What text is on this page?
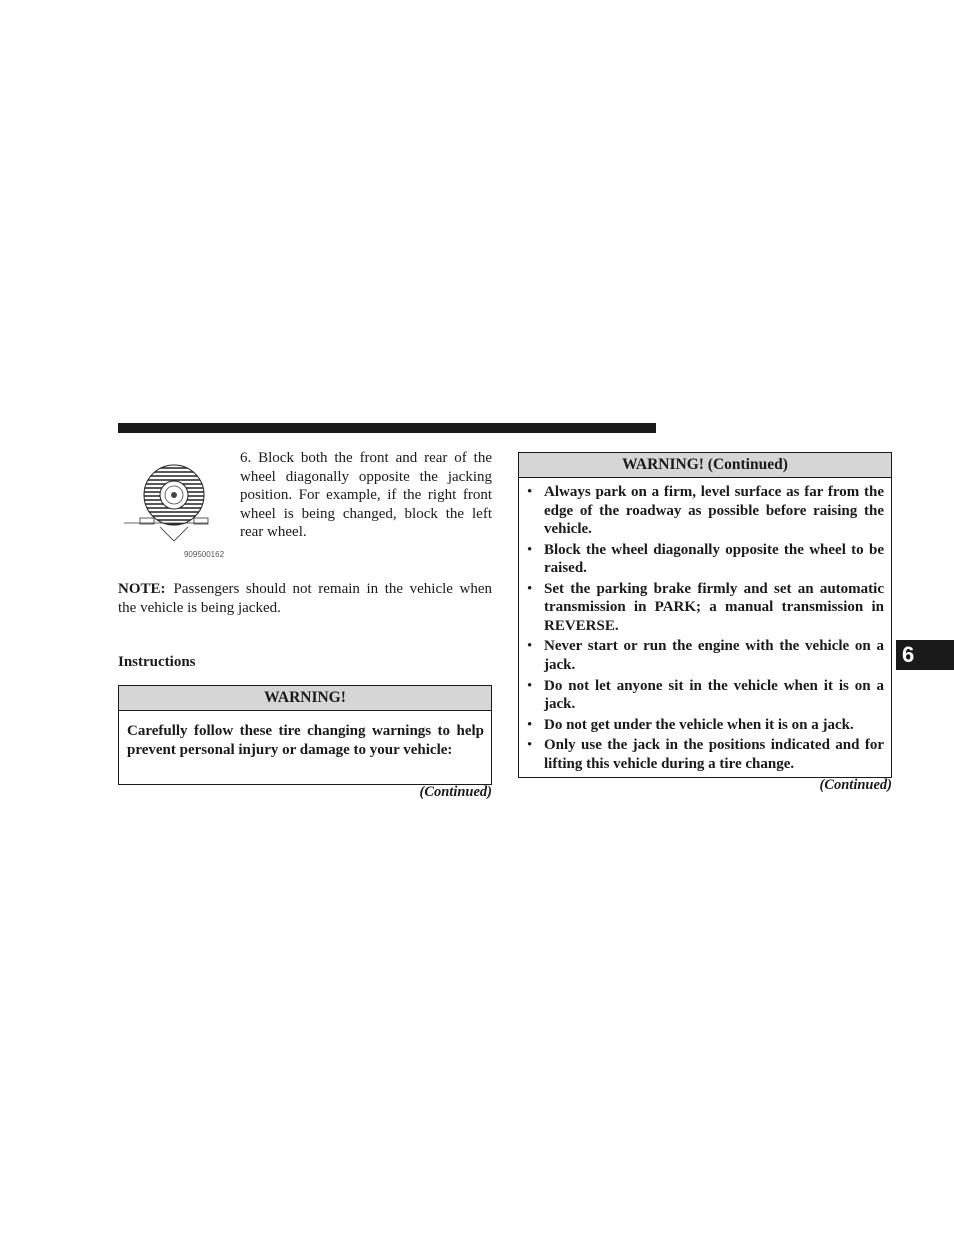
909500162

6. Block both the front and rear of the wheel diagonally opposite the jacking position. For example, if the right front wheel is being changed, block the left rear wheel.

NOTE: Passengers should not remain in the vehicle when the vehicle is being jacked.

Instructions

WARNING!
Carefully follow these tire changing warnings to help prevent personal injury or damage to your vehicle:

(Continued)

WARNING! (Continued)
• Always park on a firm, level surface as far from the edge of the roadway as possible before raising the vehicle.
• Block the wheel diagonally opposite the wheel to be raised.
• Set the parking brake firmly and set an automatic transmission in PARK; a manual transmission in REVERSE.
• Never start or run the engine with the vehicle on a jack.
• Do not let anyone sit in the vehicle when it is on a jack.
• Do not get under the vehicle when it is on a jack.
• Only use the jack in the positions indicated and for lifting this vehicle during a tire change.

(Continued)

6
